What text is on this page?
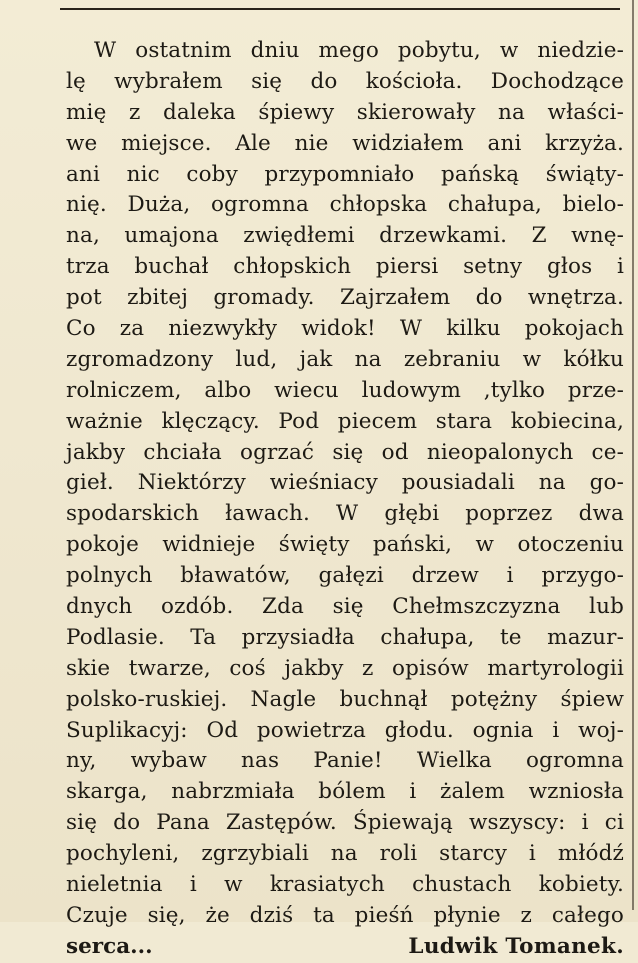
W ostatnim dniu mego pobytu, w niedzie-
lę wybrałem się do kościoła. Dochodzące
mię z daleka śpiewy skierowały na właści-
we miejsce. Ale nie widziałem ani krzyża.
ani nic coby przypomniało pańską świąty-
nię. Duża, ogromna chłopska chałupa, bielo-
na, umajona zwiędłemi drzewkami. Z wnę-
trza buchał chłopskich piersi setny głos i
pot zbitej gromady. Zajrzałem do wnętrza.
Co za niezwykły widok! W kilku pokojach
zgromadzony lud, jak na zebraniu w kółku
rolniczem, albo wiecu ludowym ,tylko prze-
ważnie klęczący. Pod piecem stara kobiecina,
jakby chciała ogrzać się od nieopalonych ce-
gieł. Niektórzy wieśniacy pousiadali na go-
spodarskich ławach. W głębi poprzez dwa
pokoje widnieje święty pański, w otoczeniu
polnych bławatów, gałęzi drzew i przygo-
dnych ozdób. Zda się Chełmszczyzna lub
Podlasie. Ta przysiadła chałupa, te mazur-
skie twarze, coś jakby z opisów martyrologii
polsko-ruskiej. Nagle buchnął potężny śpiew
Suplikacyj: Od powietrza głodu. ognia i woj-
ny, wybaw nas Panie! Wielka ogromna
skarga, nabrzmiała bólem i żalem wzniosła
się do Pana Zastępów. Śpiewają wszyscy: i ci
pochyleni, zgrzybiali na roli starcy i młódź
nieletnia i w krasiatych chustach kobiety.
Czuje się, że dziś ta pieśń płynie z całego
serca...	Ludwik Tomanek.
